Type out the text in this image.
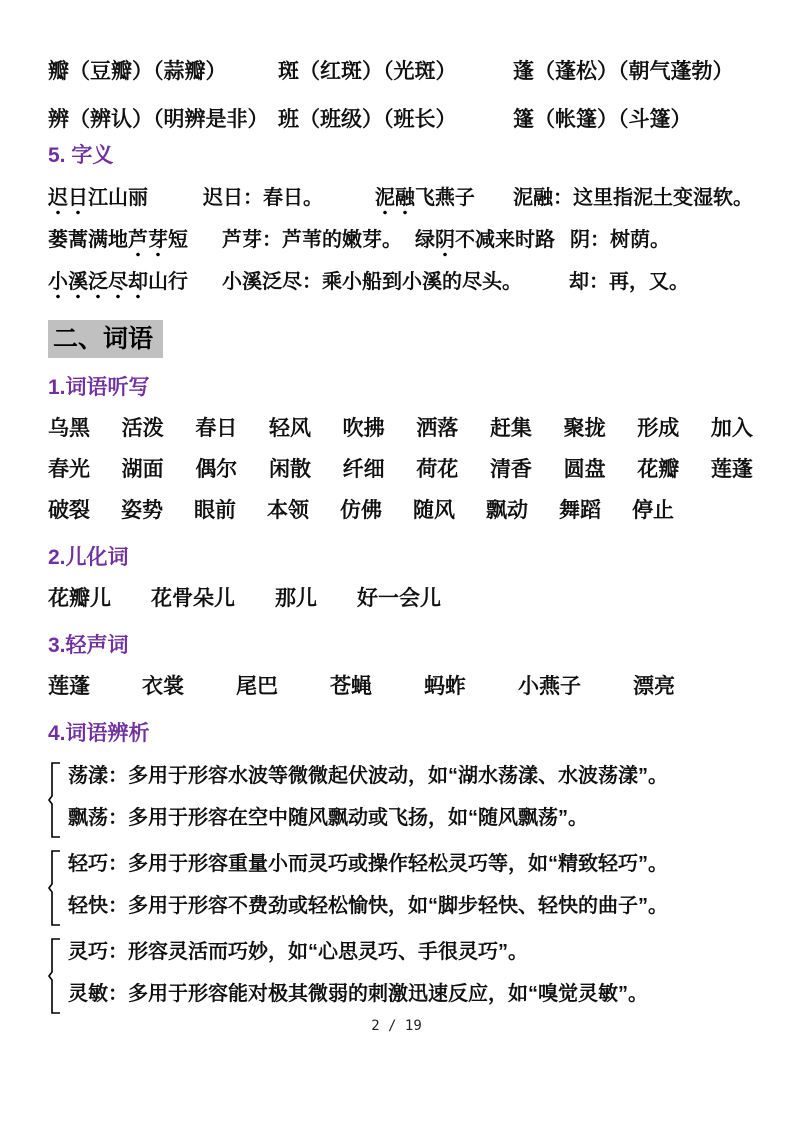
瓣（豆瓣）（蒜瓣）	斑（红斑）（光斑）	蓬（蓬松）（朝气蓬勃）
辨（辨认）（明辨是非） 班（班级）（班长）	篷（帐篷）（斗篷）
5. 字义
迟日江山丽	迟日：春日。	泥融飞燕子	泥融：这里指泥土变湿软。
蒌蒿满地芦芽短	芦芽：芦苇的嫩芽。 绿阴不减来时路 阴：树荫。
小溪泛尽却山行	小溪泛尽：乘小船到小溪的尽头。	却：再，又。
二、词语
1.词语听写
乌黑 活泼 春日 轻风 吹拂 洒落 赶集 聚拢 形成 加入
春光 湖面 偶尔 闲散 纤细 荷花 清香 圆盘 花瓣 莲蓬
破裂 姿势 眼前 本领 仿佛 随风 飘动 舞蹈 停止
2.儿化词
花瓣儿 花骨朵儿 那儿 好一会儿
3.轻声词
莲蓬 衣裳 尾巴 苍蝇 蚂蚱 小燕子 漂亮
4.词语辨析
荡漾：多用于形容水波等微微起伏波动，如“湖水荡漾、水波荡漾”。
飘荡：多用于形容在空中随风飘动或飞扬，如“随风飘荡”。
轻巧：多用于形容重量小而灵巧或操作轻松灵巧等，如“精致轻巧”。
轻快：多用于形容不费劲或轻松愉快，如“脚步轻快、轻快的曲子”。
灵巧：形容灵活而巧妙，如“心思灵巧、手很灵巧”。
灵敏：多用于形容能对极其微弱的刺激迅速反应，如“嗅觉灵敏”。
2 / 19
